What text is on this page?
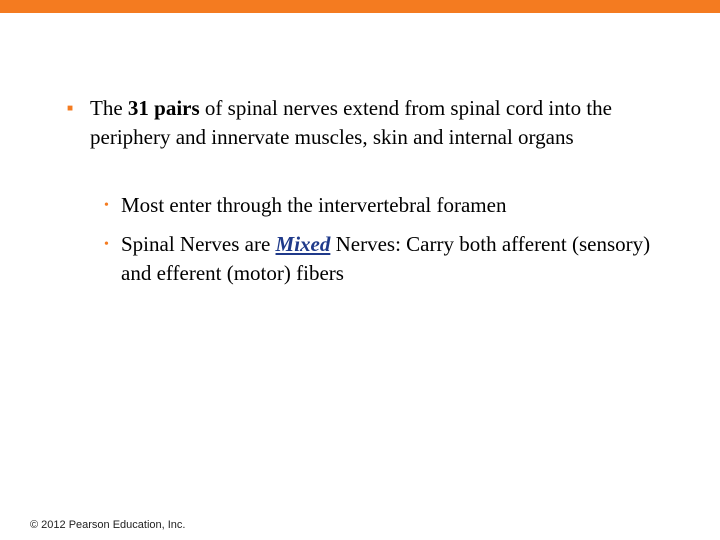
■ The 31 pairs of spinal nerves extend from spinal cord into the periphery and innervate muscles, skin and internal organs
• Most enter through the intervertebral foramen
• Spinal Nerves are Mixed Nerves: Carry both afferent (sensory) and efferent (motor) fibers
© 2012 Pearson Education, Inc.
